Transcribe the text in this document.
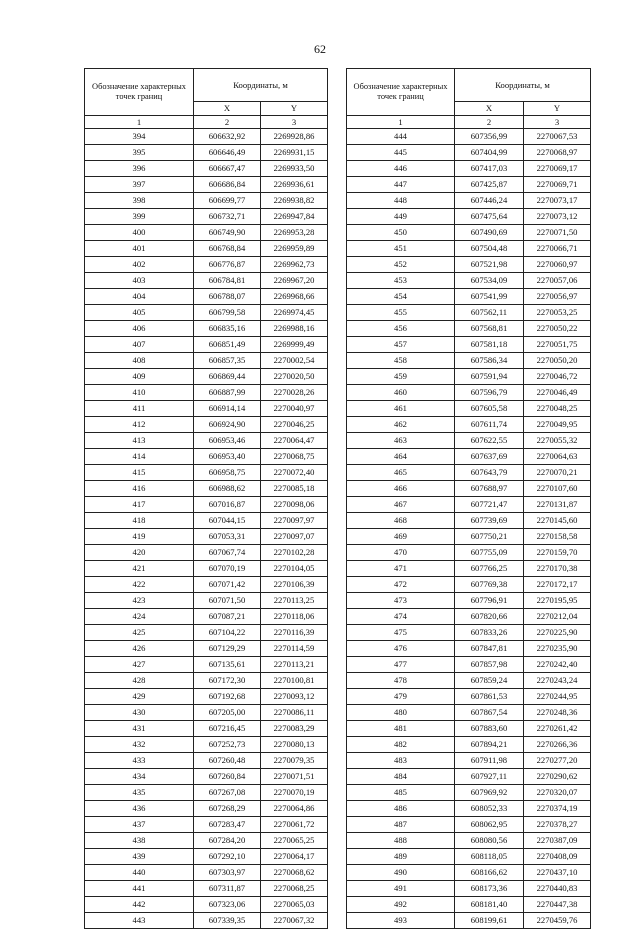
62
Обозначение характерных точек границ	Координаты, м	
	X	Y
1	2	3
394	606632,92	2269928,86
395	606646,49	2269931,15
396	606667,47	2269933,50
397	606686,84	2269936,61
398	606699,77	2269938,82
399	606732,71	2269947,84
400	606749,90	2269953,28
401	606768,84	2269959,89
402	606776,87	2269962,73
403	606784,81	2269967,20
404	606788,07	2269968,66
405	606799,58	2269974,45
406	606835,16	2269988,16
407	606851,49	2269999,49
408	606857,35	2270002,54
409	606869,44	2270020,50
410	606887,99	2270028,26
411	606914,14	2270040,97
412	606924,90	2270046,25
413	606953,46	2270064,47
414	606953,40	2270068,75
415	606958,75	2270072,40
416	606988,62	2270085,18
417	607016,87	2270098,06
418	607044,15	2270097,97
419	607053,31	2270097,07
420	607067,74	2270102,28
421	607070,19	2270104,05
422	607071,42	2270106,39
423	607071,50	2270113,25
424	607087,21	2270118,06
425	607104,22	2270116,39
426	607129,29	2270114,59
427	607135,61	2270113,21
428	607172,30	2270100,81
429	607192,68	2270093,12
430	607205,00	2270086,11
431	607216,45	2270083,29
432	607252,73	2270080,13
433	607260,48	2270079,35
434	607260,84	2270071,51
435	607267,08	2270070,19
436	607268,29	2270064,86
437	607283,47	2270061,72
438	607284,20	2270065,25
439	607292,10	2270064,17
440	607303,97	2270068,62
441	607311,87	2270068,25
442	607323,06	2270065,03
443	607339,35	2270067,32
Обозначение характерных точек границ	Координаты, м	
	X	Y
1	2	3
444	607356,99	2270067,53
445	607404,99	2270068,97
446	607417,03	2270069,17
447	607425,87	2270069,71
448	607446,24	2270073,17
449	607475,64	2270073,12
450	607490,69	2270071,50
451	607504,48	2270066,71
452	607521,98	2270060,97
453	607534,09	2270057,06
454	607541,99	2270056,97
455	607562,11	2270053,25
456	607568,81	2270050,22
457	607581,18	2270051,75
458	607586,34	2270050,20
459	607591,94	2270046,72
460	607596,79	2270046,49
461	607605,58	2270048,25
462	607611,74	2270049,95
463	607622,55	2270055,32
464	607637,69	2270064,63
465	607643,79	2270070,21
466	607688,97	2270107,60
467	607721,47	2270131,87
468	607739,69	2270145,60
469	607750,21	2270158,58
470	607755,09	2270159,70
471	607766,25	2270170,38
472	607769,38	2270172,17
473	607796,91	2270195,95
474	607820,66	2270212,04
475	607833,26	2270225,90
476	607847,81	2270235,90
477	607857,98	2270242,40
478	607859,24	2270243,24
479	607861,53	2270244,95
480	607867,54	2270248,36
481	607883,60	2270261,42
482	607894,21	2270266,36
483	607911,98	2270277,20
484	607927,11	2270290,62
485	607969,92	2270320,07
486	608052,33	2270374,19
487	608062,95	2270378,27
488	608080,56	2270387,09
489	608118,05	2270408,09
490	608166,62	2270437,10
491	608173,36	2270440,83
492	608181,40	2270447,38
493	608199,61	2270459,76
